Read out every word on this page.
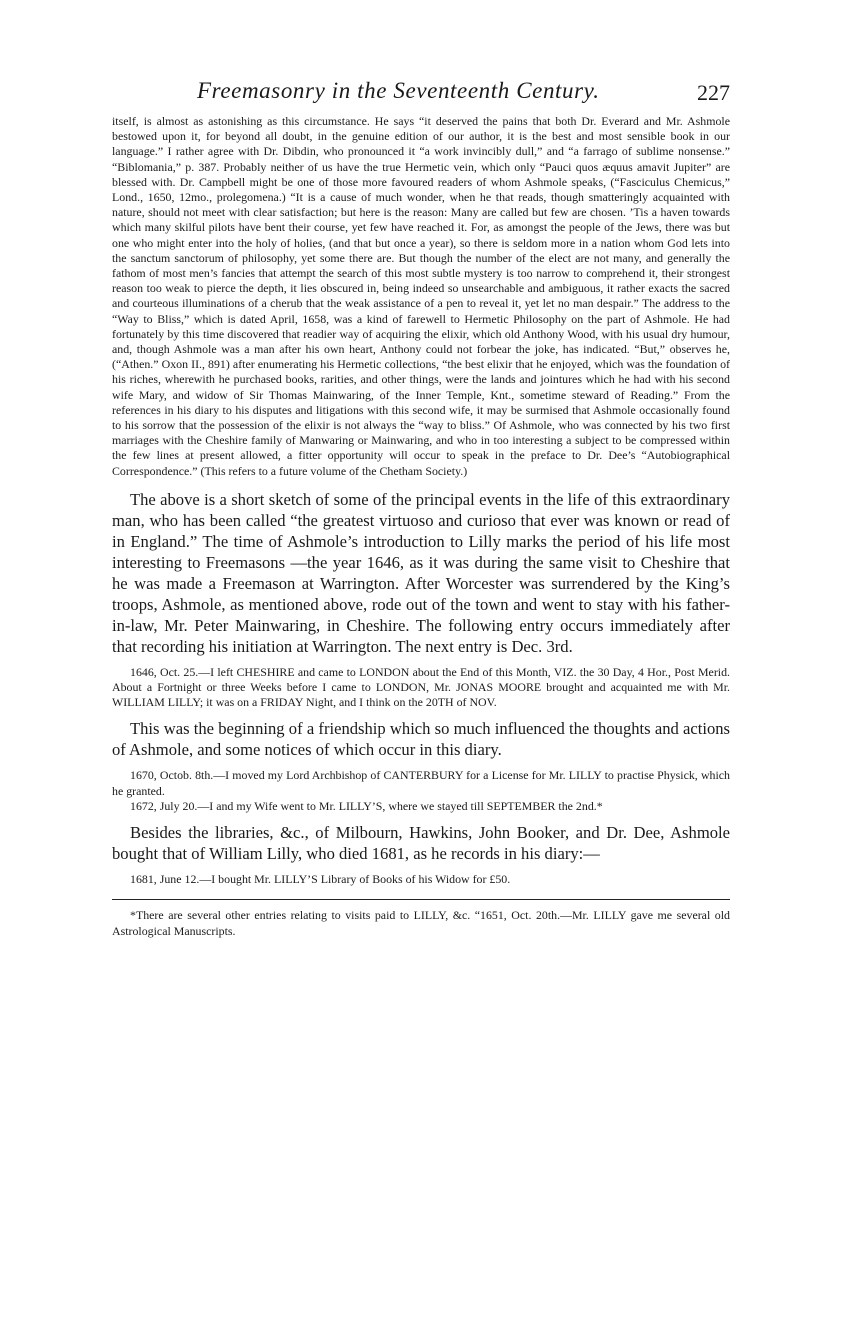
Freemasonry in the Seventeenth Century.	227

itself, is almost as astonishing as this circumstance. He says “it deserved the pains that both Dr. Everard and Mr. Ashmole bestowed upon it, for beyond all doubt, in the genuine edition of our author, it is the best and most sensible book in our language.” I rather agree with Dr. Dibdin, who pronounced it “a work invincibly dull,” and “a farrago of sublime nonsense.” “Biblomania,” p. 387. Probably neither of us have the true Hermetic vein, which only “Pauci quos æquus amavit Jupiter” are blessed with. Dr. Campbell might be one of those more favoured readers of whom Ashmole speaks, (“Fasciculus Chemicus,” Lond., 1650, 12mo., prolegomena.) “It is a cause of much wonder, when he that reads, though smatteringly acquainted with nature, should not meet with clear satisfaction; but here is the reason: Many are called but few are chosen. ’Tis a haven towards which many skilful pilots have bent their course, yet few have reached it. For, as amongst the people of the Jews, there was but one who might enter into the holy of holies, (and that but once a year), so there is seldom more in a nation whom God lets into the sanctum sanctorum of philosophy, yet some there are. But though the number of the elect are not many, and generally the fathom of most men’s fancies that attempt the search of this most subtle mystery is too narrow to comprehend it, their strongest reason too weak to pierce the depth, it lies obscured in, being indeed so unsearchable and ambiguous, it rather exacts the sacred and courteous illuminations of a cherub that the weak assistance of a pen to reveal it, yet let no man despair.” The address to the “Way to Bliss,” which is dated April, 1658, was a kind of farewell to Hermetic Philosophy on the part of Ashmole. He had fortunately by this time discovered that readier way of acquiring the elixir, which old Anthony Wood, with his usual dry humour, and, though Ashmole was a man after his own heart, Anthony could not forbear the joke, has indicated. “But,” observes he, (“Athen.” Oxon II., 891) after enumerating his Hermetic collections, “the best elixir that he enjoyed, which was the foundation of his riches, wherewith he purchased books, rarities, and other things, were the lands and jointures which he had with his second wife Mary, and widow of Sir Thomas Mainwaring, of the Inner Temple, Knt., sometime steward of Reading.” From the references in his diary to his disputes and litigations with this second wife, it may be surmised that Ashmole occasionally found to his sorrow that the possession of the elixir is not always the “way to bliss.” Of Ashmole, who was connected by his two first marriages with the Cheshire family of Manwaring or Mainwaring, and who in too interesting a subject to be compressed within the few lines at present allowed, a fitter opportunity will occur to speak in the preface to Dr. Dee’s “Autobiographical Correspondence.” (This refers to a future volume of the Chetham Society.)

The above is a short sketch of some of the principal events in the life of this extraordinary man, who has been called “the greatest virtuoso and curioso that ever was known or read of in England.” The time of Ashmole’s introduction to Lilly marks the period of his life most interesting to Freemasons —the year 1646, as it was during the same visit to Cheshire that he was made a Freemason at Warrington. After Worcester was surrendered by the King’s troops, Ashmole, as mentioned above, rode out of the town and went to stay with his father-in-law, Mr. Peter Mainwaring, in Cheshire. The following entry occurs immediately after that recording his initiation at Warrington. The next entry is Dec. 3rd.

1646, Oct. 25.—I left CHESHIRE and came to LONDON about the End of this Month, VIZ. the 30 Day, 4 Hor., Post Merid. About a Fortnight or three Weeks before I came to LONDON, Mr. JONAS MOORE brought and acquainted me with Mr. WILLIAM LILLY; it was on a FRIDAY Night, and I think on the 20TH of NOV.

This was the beginning of a friendship which so much influenced the thoughts and actions of Ashmole, and some notices of which occur in this diary.

1670, Octob. 8th.—I moved my Lord Archbishop of CANTERBURY for a License for Mr. LILLY to practise Physick, which he granted.

1672, July 20.—I and my Wife went to Mr. LILLY’S, where we stayed till SEPTEMBER the 2nd.*

Besides the libraries, &c., of Milbourn, Hawkins, John Booker, and Dr. Dee, Ashmole bought that of William Lilly, who died 1681, as he records in his diary:—

1681, June 12.—I bought Mr. LILLY’S Library of Books of his Widow for £50.

*There are several other entries relating to visits paid to LILLY, &c. “1651, Oct. 20th.—Mr. LILLY gave me several old Astrological Manuscripts.
